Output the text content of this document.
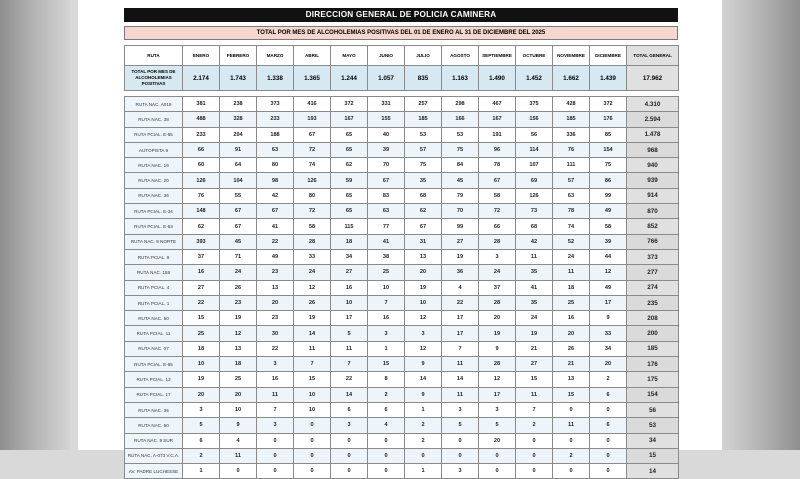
DIRECCION GENERAL DE POLICIA CAMINERA
TOTAL POR MES DE ALCOHOLEMIAS POSITIVAS DEL 01 DE ENERO AL 31 DE DICIEMBRE DEL 2025
RUTA	ENERO	FEBRERO	MARZO	ABRIL	MAYO	JUNIO	JULIO	AGOSTO	SEPTIEMBRE	OCTUBRE	NOVIEMBRE	DICIEMBRE	TOTAL GENERAL
TOTAL POR MES DE ALCOHOLEMIAS POSITIVAS	2.174	1.743	1.338	1.365	1.244	1.057	835	1.163	1.490	1.452	1.662	1.439	17.962
RUTA NAC. A019	381	238	373	416	372	331	257	298	467	375	428	372	4.310
RUTA NAC. 38	488	328	233	193	167	155	185	166	167	156	185	176	2.594
RUTA PCIAL. E-55	233	204	188	67	65	40	53	53	191	56	336	85	1.478
AUTOPISTA 9	66	91	63	72	65	39	57	75	96	114	76	154	968
RUTA NAC. 19	60	64	80	74	62	70	75	84	78	107	111	75	940
RUTA NAC. 20	126	104	98	126	59	67	35	45	67	69	57	86	939
RUTA NAC. 36	76	55	42	80	65	83	68	79	58	126	63	99	914
RUTA PCIAL. E-34	148	67	67	72	65	63	62	70	72	73	78	49	870
RUTA PCIAL. E-53	62	67	41	58	115	77	67	99	66	68	74	58	852
RUTA NAC. 9 NORTE	393	45	22	28	18	41	31	27	28	42	52	39	766
RUTA PCIAL. 9	37	71	49	33	34	38	13	19	3	11	24	44	373
RUTA NAC. 158	16	24	23	24	27	25	20	36	24	35	11	12	277
RUTA PCIAL. 4	27	26	13	12	16	10	19	4	37	41	18	49	274
RUTA PCIAL. 1	22	23	20	26	10	7	10	22	28	35	25	17	235
RUTA NAC. 60	15	19	23	19	17	16	12	17	20	24	16	9	208
RUTA PCIAL. 11	25	12	30	14	5	3	3	17	19	19	20	33	200
RUTA NAC. 07	18	13	22	11	11	1	12	7	9	21	26	34	185
RUTA PCIAL. E-55	10	18	3	7	7	15	9	11	28	27	21	20	176
RUTA PCIAL. 13	19	25	16	15	22	8	14	14	12	15	13	2	175
RUTA PCIAL. 17	20	20	11	10	14	2	9	11	17	11	15	6	154
RUTA NAC. 35	3	10	7	10	6	6	1	3	3	7	0	0	56
RUTA NAC. 60	5	9	3	0	3	4	2	5	5	2	11	6	53
RUTA NAC. 9 SUR	6	4	0	0	0	0	2	0	20	0	0	0	34
RUTA NAC. A-073 V.C.A.	2	11	0	0	0	0	0	0	0	0	2	0	15
AV. PADRE LUCHESSE	1	0	0	0	0	0	1	3	0	0	0	0	14
